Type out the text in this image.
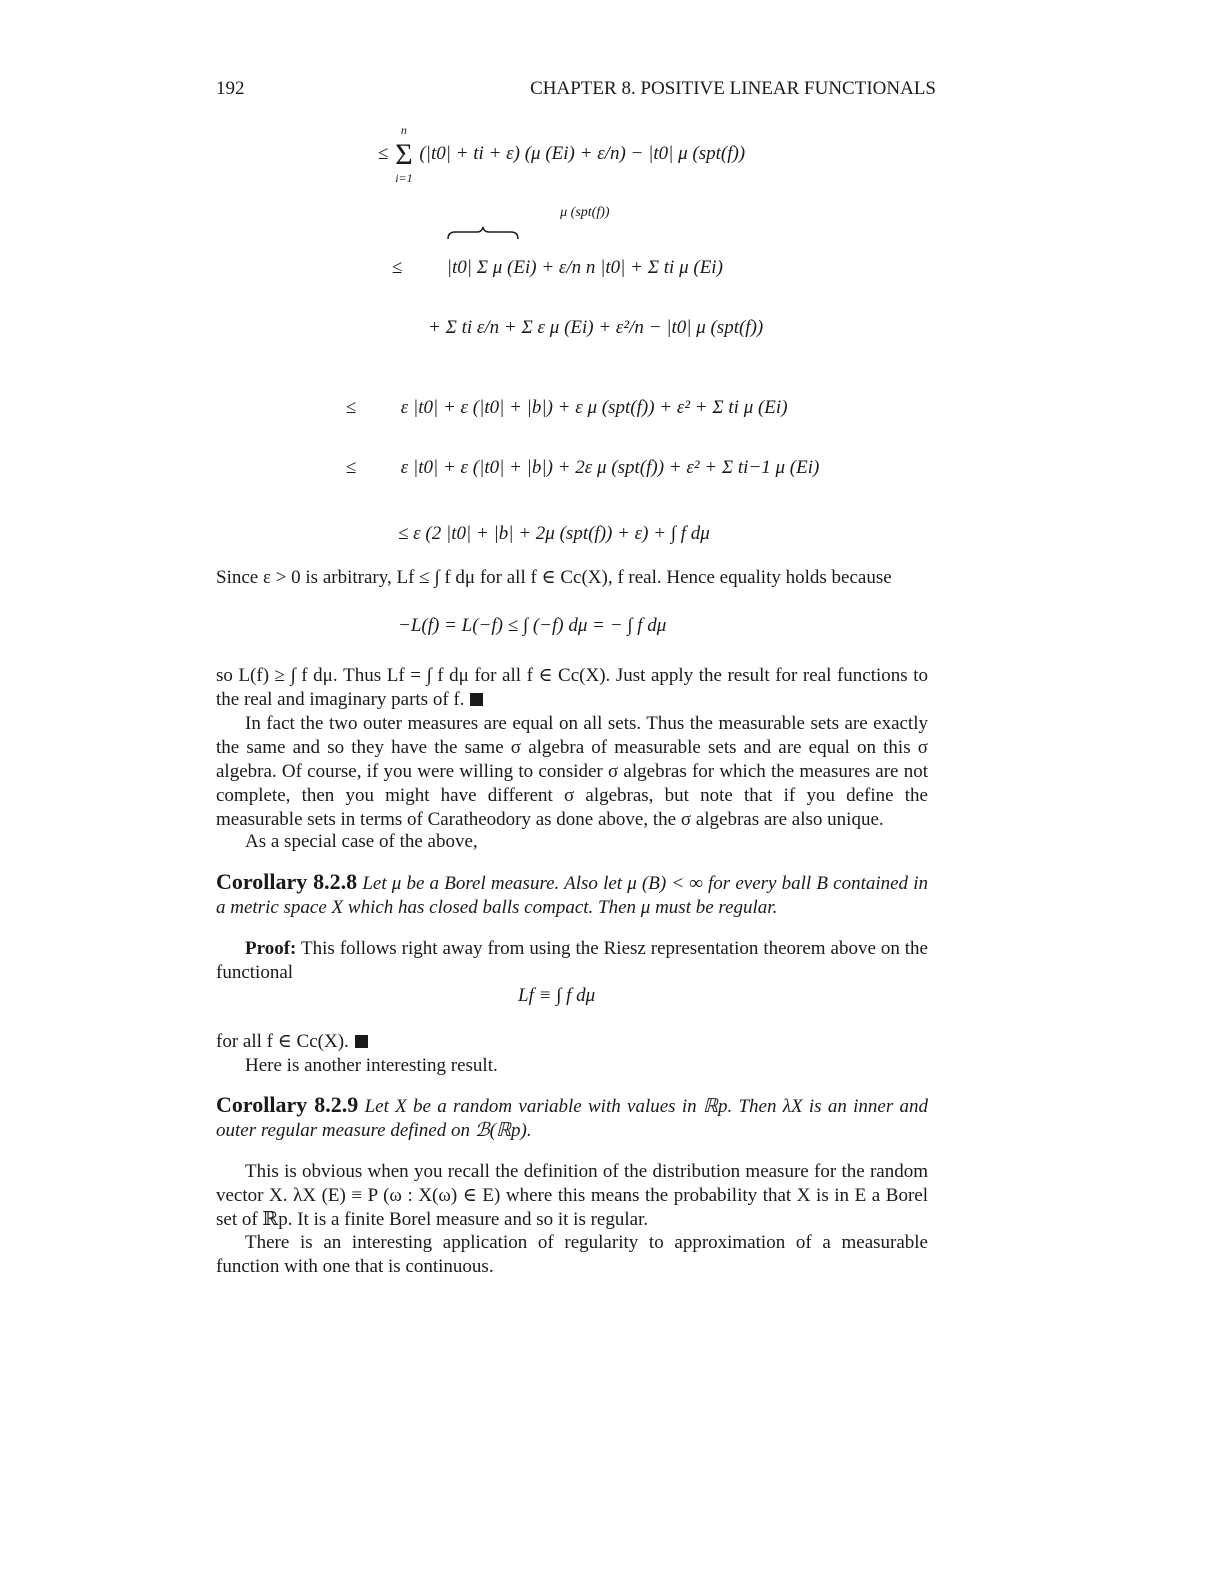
192	CHAPTER 8. POSITIVE LINEAR FUNCTIONALS
≤ Σ
n
i=1
(|t0| + ti + ε) (μ (Ei) + ε/n) − |t0| μ (spt(f))
≤
μ (spt(f))
|t0| Σ μ (Ei) + ε/n n |t0| + Σ ti μ (Ei)
+ Σ ti ε/n + Σ ε μ (Ei) + ε²/n − |t0| μ (spt(f))
≤ ε |t0| + ε (|t0| + |b|) + ε μ (spt(f)) + ε² + Σ ti μ (Ei)
≤ ε |t0| + ε (|t0| + |b|) + 2ε μ (spt(f)) + ε² + Σ ti−1 μ (Ei)
≤ ε (2 |t0| + |b| + 2μ (spt(f)) + ε) + ∫ f dμ
Since ε > 0 is arbitrary, Lf ≤ ∫ f dμ for all f ∈ Cc(X), f real. Hence equality holds because
−L(f) = L(−f) ≤ ∫ (−f) dμ = − ∫ f dμ
so L(f) ≥ ∫ f dμ. Thus Lf = ∫ f dμ for all f ∈ Cc(X). Just apply the result for real functions to the real and imaginary parts of f.
In fact the two outer measures are equal on all sets. Thus the measurable sets are exactly the same and so they have the same σ algebra of measurable sets and are equal on this σ algebra. Of course, if you were willing to consider σ algebras for which the measures are not complete, then you might have different σ algebras, but note that if you define the measurable sets in terms of Caratheodory as done above, the σ algebras are also unique.
As a special case of the above,
Corollary 8.2.8 Let μ be a Borel measure. Also let μ (B) < ∞ for every ball B contained in a metric space X which has closed balls compact. Then μ must be regular.
Proof: This follows right away from using the Riesz representation theorem above on the functional
Lf ≡ ∫ f dμ
for all f ∈ Cc(X).
Here is another interesting result.
Corollary 8.2.9 Let X be a random variable with values in ℝp. Then λX is an inner and outer regular measure defined on ℬ(ℝp).
This is obvious when you recall the definition of the distribution measure for the random vector X. λX (E) ≡ P (ω : X(ω) ∈ E) where this means the probability that X is in E a Borel set of ℝp. It is a finite Borel measure and so it is regular.
There is an interesting application of regularity to approximation of a measurable function with one that is continuous.
